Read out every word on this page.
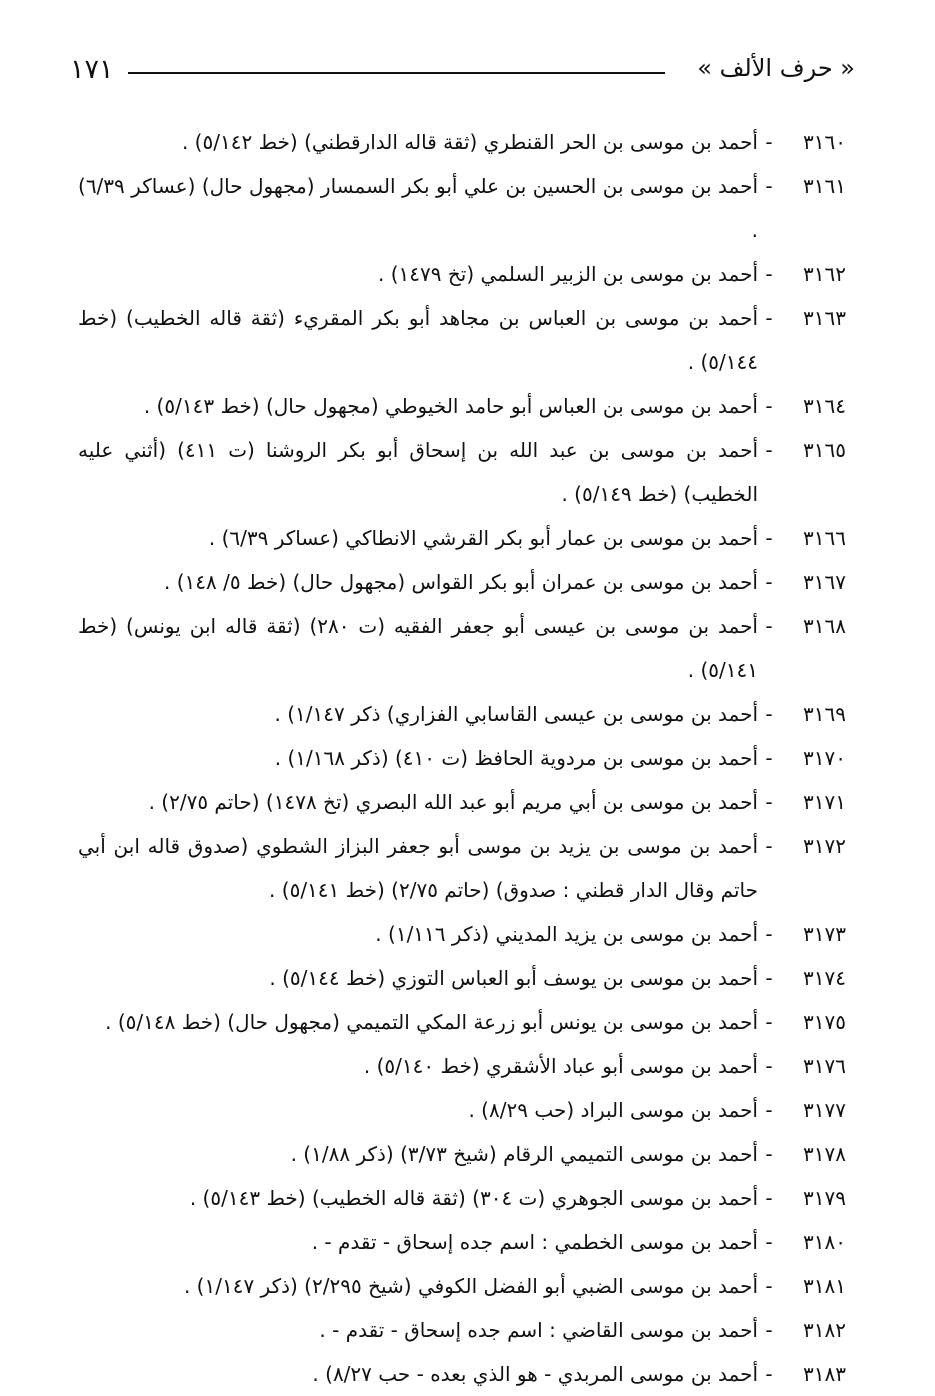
١٧١	« حرف الألف »
٣١٦٠
-
أحمد بن موسى بن الحر القنطري (ثقة قاله الدارقطني) (خط ٥/١٤٢) .
٣١٦١
-
أحمد بن موسى بن الحسين بن علي أبو بكر السمسار (مجهول حال) (عساكر ٦/٣٩) .
٣١٦٢
-
أحمد بن موسى بن الزبير السلمي (تخ ١٤٧٩) .
٣١٦٣
-
أحمد بن موسى بن العباس بن مجاهد أبو بكر المقريء (ثقة قاله الخطيب) (خط ٥/١٤٤) .
٣١٦٤
-
أحمد بن موسى بن العباس أبو حامد الخيوطي (مجهول حال) (خط ٥/١٤٣) .
٣١٦٥
-
أحمد بن موسى بن عبد الله بن إسحاق أبو بكر الروشنا (ت ٤١١) (أثني عليه الخطيب) (خط ٥/١٤٩) .
٣١٦٦
-
أحمد بن موسى بن عمار أبو بكر القرشي الانطاكي (عساكر ٦/٣٩) .
٣١٦٧
-
أحمد بن موسى بن عمران أبو بكر القواس (مجهول حال) (خط ٥/ ١٤٨) .
٣١٦٨
-
أحمد بن موسى بن عيسى أبو جعفر الفقيه (ت ٢٨٠) (ثقة قاله ابن يونس) (خط ٥/١٤١) .
٣١٦٩
-
أحمد بن موسى بن عيسى القاسابي الفزاري) ذكر ١/١٤٧) .
٣١٧٠
-
أحمد بن موسى بن مردوية الحافظ (ت ٤١٠) (ذكر ١/١٦٨) .
٣١٧١
-
أحمد بن موسى بن أبي مريم أبو عبد الله البصري (تخ ١٤٧٨) (حاتم ٢/٧٥) .
٣١٧٢
-
أحمد بن موسى بن يزيد بن موسى أبو جعفر البزاز الشطوي (صدوق قاله ابن أبي حاتم وقال الدار قطني : صدوق) (حاتم ٢/٧٥) (خط ٥/١٤١) .
٣١٧٣
-
أحمد بن موسى بن يزيد المديني (ذكر ١/١١٦) .
٣١٧٤
-
أحمد بن موسى بن يوسف أبو العباس التوزي (خط ٥/١٤٤) .
٣١٧٥
-
أحمد بن موسى بن يونس أبو زرعة المكي التميمي (مجهول حال) (خط ٥/١٤٨) .
٣١٧٦
-
أحمد بن موسى أبو عباد الأشقري (خط ٥/١٤٠) .
٣١٧٧
-
أحمد بن موسى البراد (حب ٨/٢٩) .
٣١٧٨
-
أحمد بن موسى التميمي الرقام (شيخ ٣/٧٣) (ذكر ١/٨٨) .
٣١٧٩
-
أحمد بن موسى الجوهري (ت ٣٠٤) (ثقة قاله الخطيب) (خط ٥/١٤٣) .
٣١٨٠
-
أحمد بن موسى الخطمي : اسم جده إسحاق - تقدم - .
٣١٨١
-
أحمد بن موسى الضبي أبو الفضل الكوفي (شيخ ٢/٢٩٥) (ذكر ١/١٤٧) .
٣١٨٢
-
أحمد بن موسى القاضي : اسم جده إسحاق - تقدم - .
٣١٨٣
-
أحمد بن موسى المربدي - هو الذي بعده - حب ٨/٢٧) .
